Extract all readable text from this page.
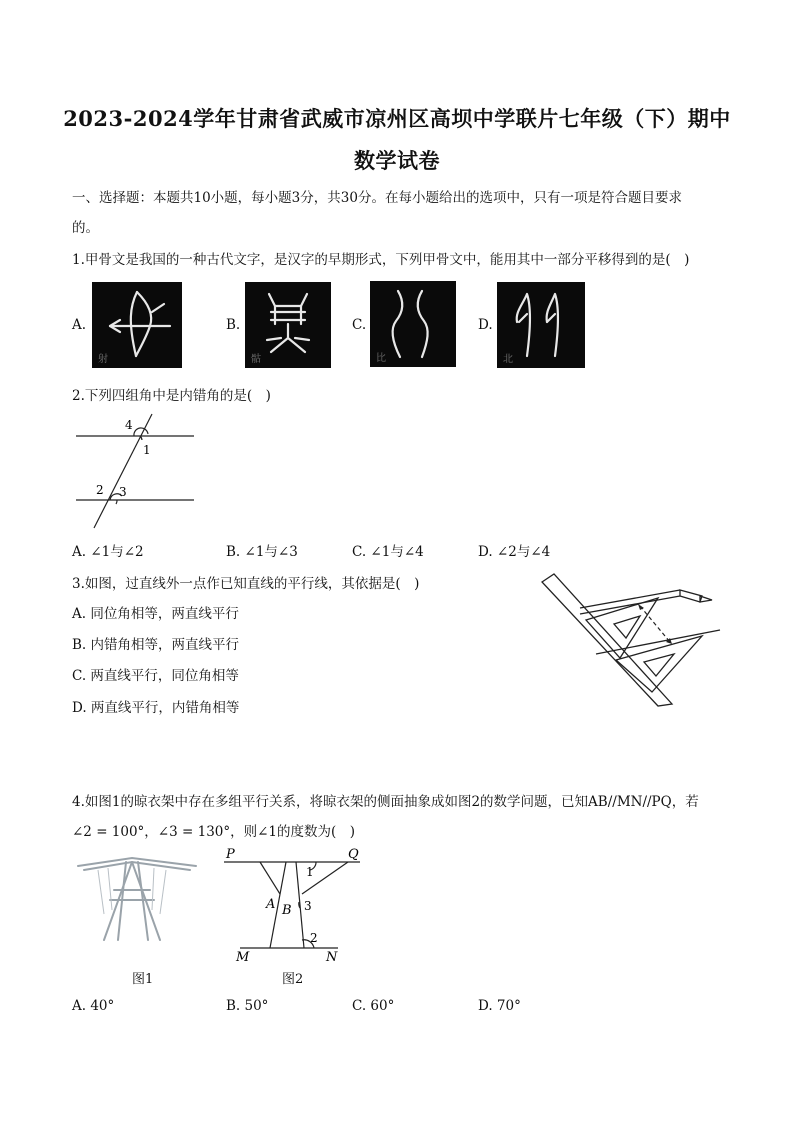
2023-2024学年甘肃省武威市凉州区高坝中学联片七年级（下）期中
数学试卷
一、选择题：本题共10小题，每小题3分，共30分。在每小题给出的选项中，只有一项是符合题目要求
的。
1.甲骨文是我国的一种古代文字，是汉字的早期形式，下列甲骨文中，能用其中一部分平移得到的是(　)
A.
射
B.
骷
C.
比
D.
北
2.下列四组角中是内错角的是(　)
4
1
2 3
A. ∠1与∠2	B. ∠1与∠3	C. ∠1与∠4	D. ∠2与∠4
3.如图，过直线外一点作已知直线的平行线，其依据是(　)
A. 同位角相等，两直线平行
B. 内错角相等，两直线平行
C. 两直线平行，同位角相等
D. 两直线平行，内错角相等
4.如图1的晾衣架中存在多组平行关系，将晾衣架的侧面抽象成如图2的数学问题，已知AB//MN//PQ，若
∠2 = 100°，∠3 = 130°，则∠1的度数为(　)
图1
P	Q
A B
M	N
1
2
3
图2
A. 40°	B. 50°	C. 60°	D. 70°
